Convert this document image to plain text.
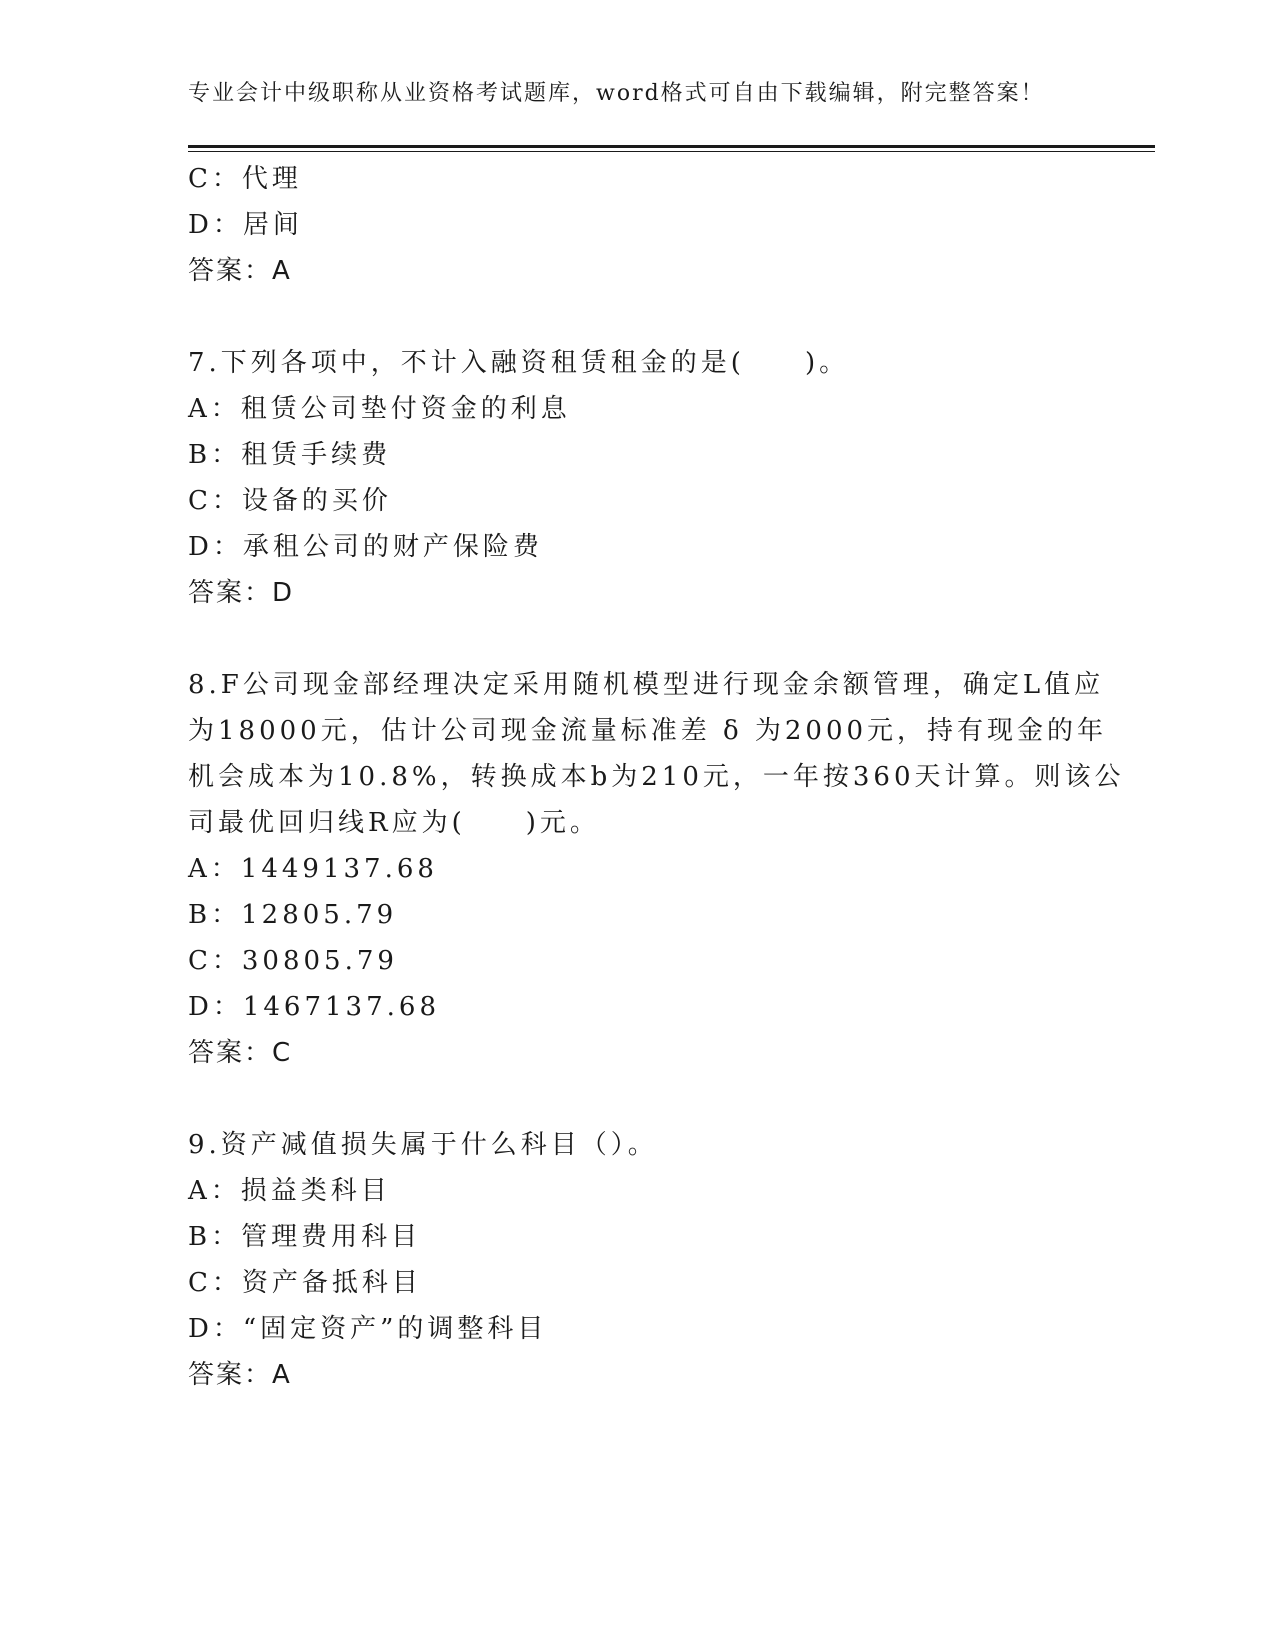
专业会计中级职称从业资格考试题库，word格式可自由下载编辑，附完整答案！
C：代理
D：居间
答案：A
7.下列各项中，不计入融资租赁租金的是(　　)。
A：租赁公司垫付资金的利息
B：租赁手续费
C：设备的买价
D：承租公司的财产保险费
答案：D
8.F公司现金部经理决定采用随机模型进行现金余额管理，确定L值应
为18000元，估计公司现金流量标准差 δ 为2000元，持有现金的年
机会成本为10.8%，转换成本b为210元，一年按360天计算。则该公
司最优回归线R应为(　　)元。
A：1449137.68
B：12805.79
C：30805.79
D：1467137.68
答案：C
9.资产减值损失属于什么科目（）。
A：损益类科目
B：管理费用科目
C：资产备抵科目
D：“固定资产”的调整科目
答案：A
